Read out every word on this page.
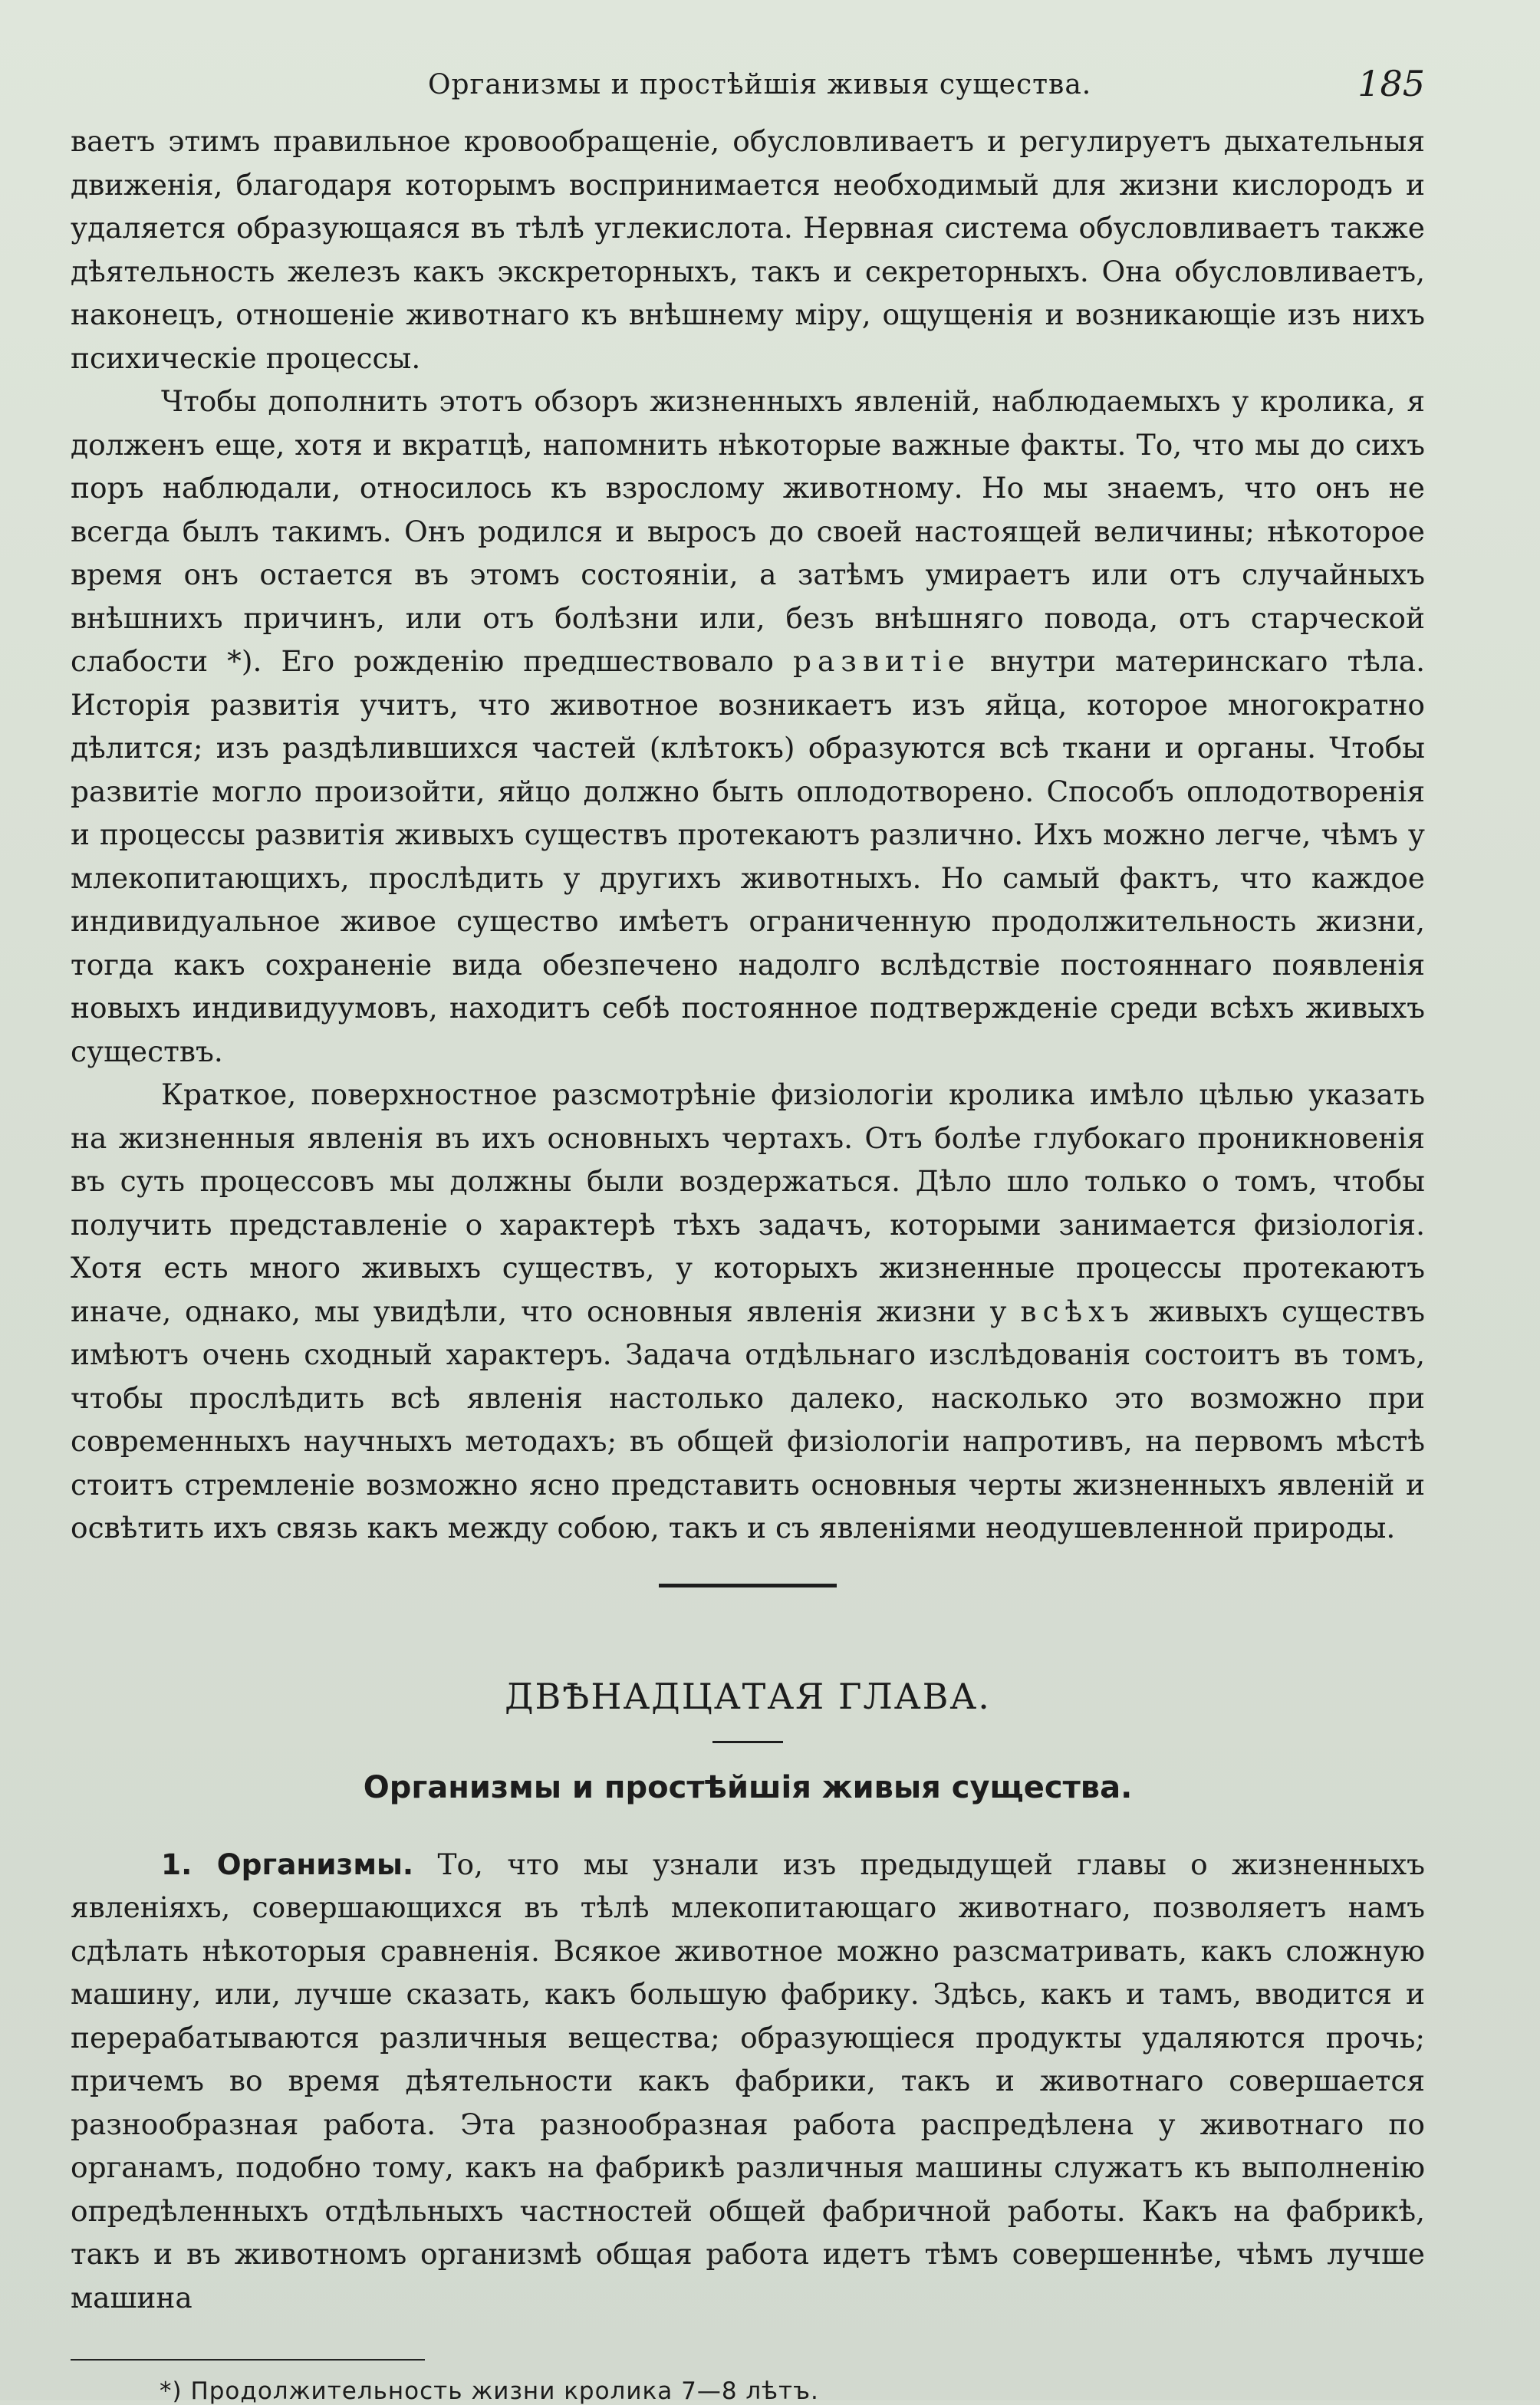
Организмы и простѣйшія живыя существа.	185

ваетъ этимъ правильное кровообращеніе, обусловливаетъ и регулируетъ дыхательныя движенія, благодаря которымъ воспринимается необходимый для жизни кислородъ и удаляется образующаяся въ тѣлѣ углекислота. Нервная система обусловливаетъ также дѣятельность железъ какъ экскреторныхъ, такъ и секреторныхъ. Она обусловливаетъ, наконецъ, отношеніе животнаго къ внѣшнему міру, ощущенія и возникающіе изъ нихъ психическіе процессы.

Чтобы дополнить этотъ обзоръ жизненныхъ явленій, наблюдаемыхъ у кролика, я долженъ еще, хотя и вкратцѣ, напомнить нѣкоторые важные факты. То, что мы до сихъ поръ наблюдали, относилось къ взрослому животному. Но мы знаемъ, что онъ не всегда былъ такимъ. Онъ родился и выросъ до своей настоящей величины; нѣкоторое время онъ остается въ этомъ состояніи, а затѣмъ умираетъ или отъ случайныхъ внѣшнихъ причинъ, или отъ болѣзни или, безъ внѣшняго повода, отъ старческой слабости *). Его рожденію предшествовало развитіе внутри материнскаго тѣла. Исторія развитія учитъ, что животное возникаетъ изъ яйца, которое многократно дѣлится; изъ раздѣлившихся частей (клѣтокъ) образуются всѣ ткани и органы. Чтобы развитіе могло произойти, яйцо должно быть оплодотворено. Способъ оплодотворенія и процессы развитія живыхъ существъ протекаютъ различно. Ихъ можно легче, чѣмъ у млекопитающихъ, прослѣдить у другихъ животныхъ. Но самый фактъ, что каждое индивидуальное живое существо имѣетъ ограниченную продолжительность жизни, тогда какъ сохраненіе вида обезпечено надолго вслѣдствіе постояннаго появленія новыхъ индивидуумовъ, находитъ себѣ постоянное подтвержденіе среди всѣхъ живыхъ существъ.

Краткое, поверхностное разсмотрѣніе физіологіи кролика имѣло цѣлью указать на жизненныя явленія въ ихъ основныхъ чертахъ. Отъ болѣе глубокаго проникновенія въ суть процессовъ мы должны были воздержаться. Дѣло шло только о томъ, чтобы получить представленіе о характерѣ тѣхъ задачъ, которыми занимается физіологія. Хотя есть много живыхъ существъ, у которыхъ жизненные процессы протекаютъ иначе, однако, мы увидѣли, что основныя явленія жизни у всѣхъ живыхъ существъ имѣютъ очень сходный характеръ. Задача отдѣльнаго изслѣдованія состоитъ въ томъ, чтобы прослѣдить всѣ явленія настолько далеко, насколько это возможно при современныхъ научныхъ методахъ; въ общей физіологіи напротивъ, на первомъ мѣстѣ стоитъ стремленіе возможно ясно представить основныя черты жизненныхъ явленій и освѣтить ихъ связь какъ между собою, такъ и съ явленіями неодушевленной природы.

ДВѢНАДЦАТАЯ ГЛАВА.
Организмы и простѣйшія живыя существа.

1. Организмы. То, что мы узнали изъ предыдущей главы о жизненныхъ явленіяхъ, совершающихся въ тѣлѣ млекопитающаго животнаго, позволяетъ намъ сдѣлать нѣкоторыя сравненія. Всякое животное можно разсматривать, какъ сложную машину, или, лучше сказать, какъ большую фабрику. Здѣсь, какъ и тамъ, вводится и перерабатываются различныя вещества; образующіеся продукты удаляются прочь; причемъ во время дѣятельности какъ фабрики, такъ и животнаго совершается разнообразная работа. Эта разнообразная работа распредѣлена у животнаго по органамъ, подобно тому, какъ на фабрикѣ различныя машины служатъ къ выполненію опредѣленныхъ отдѣльныхъ частностей общей фабричной работы. Какъ на фабрикѣ, такъ и въ животномъ организмѣ общая работа идетъ тѣмъ совершеннѣе, чѣмъ лучше машина

*) Продолжительность жизни кролика 7—8 лѣтъ.
